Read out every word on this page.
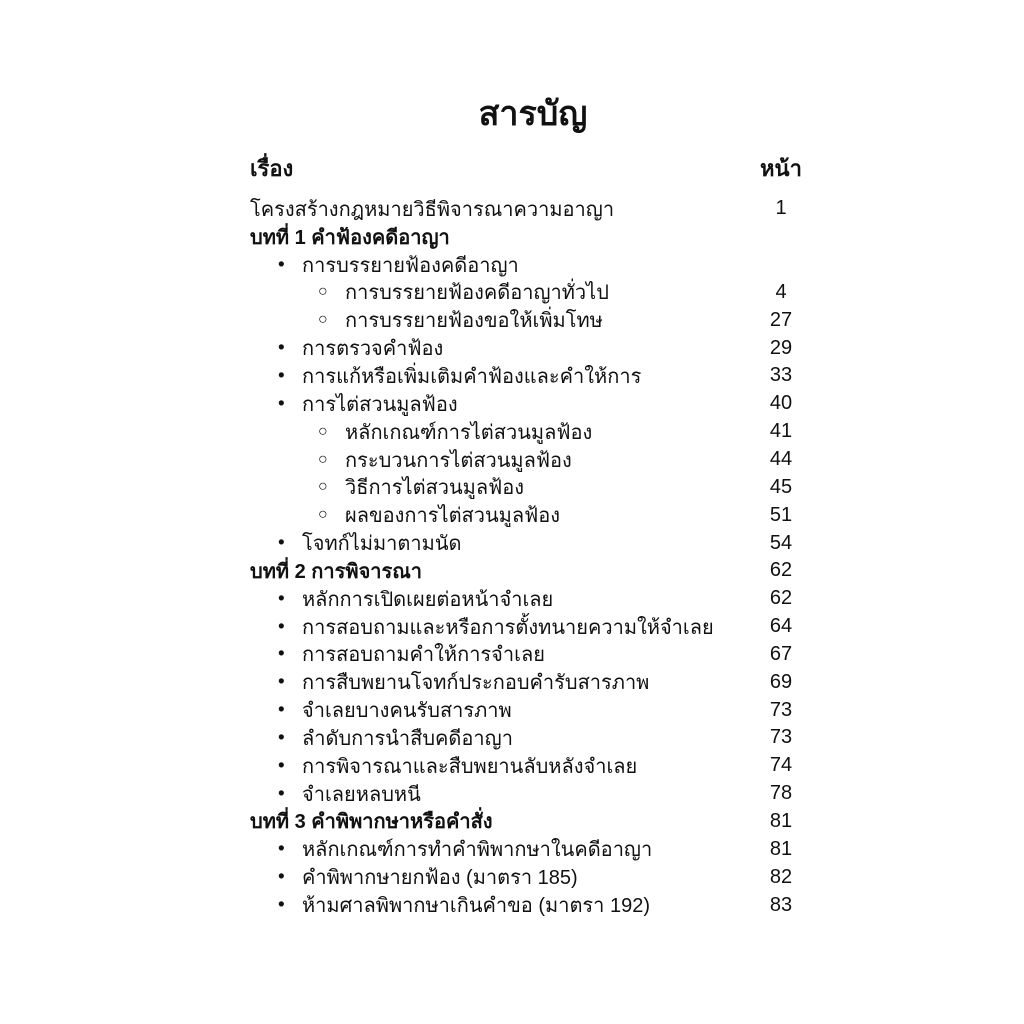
สารบัญ
เรื่อง	หน้า
โครงสร้างกฎหมายวิธีพิจารณาความอาญา	1
บทที่ 1 คำฟ้องคดีอาญา
• การบรรยายฟ้องคดีอาญา
○ การบรรยายฟ้องคดีอาญาทั่วไป	4
○ การบรรยายฟ้องขอให้เพิ่มโทษ	27
• การตรวจคำฟ้อง	29
• การแก้หรือเพิ่มเติมคำฟ้องและคำให้การ	33
• การไต่สวนมูลฟ้อง	40
○ หลักเกณฑ์การไต่สวนมูลฟ้อง	41
○ กระบวนการไต่สวนมูลฟ้อง	44
○ วิธีการไต่สวนมูลฟ้อง	45
○ ผลของการไต่สวนมูลฟ้อง	51
• โจทก์ไม่มาตามนัด	54
บทที่ 2 การพิจารณา	62
• หลักการเปิดเผยต่อหน้าจำเลย	62
• การสอบถามและหรือการตั้งทนายความให้จำเลย	64
• การสอบถามคำให้การจำเลย	67
• การสืบพยานโจทก์ประกอบคำรับสารภาพ	69
• จำเลยบางคนรับสารภาพ	73
• ลำดับการนำสืบคดีอาญา	73
• การพิจารณาและสืบพยานลับหลังจำเลย	74
• จำเลยหลบหนี	78
บทที่ 3 คำพิพากษาหรือคำสั่ง	81
• หลักเกณฑ์การทำคำพิพากษาในคดีอาญา	81
• คำพิพากษายกฟ้อง (มาตรา 185)	82
• ห้ามศาลพิพากษาเกินคำขอ (มาตรา 192)	83
